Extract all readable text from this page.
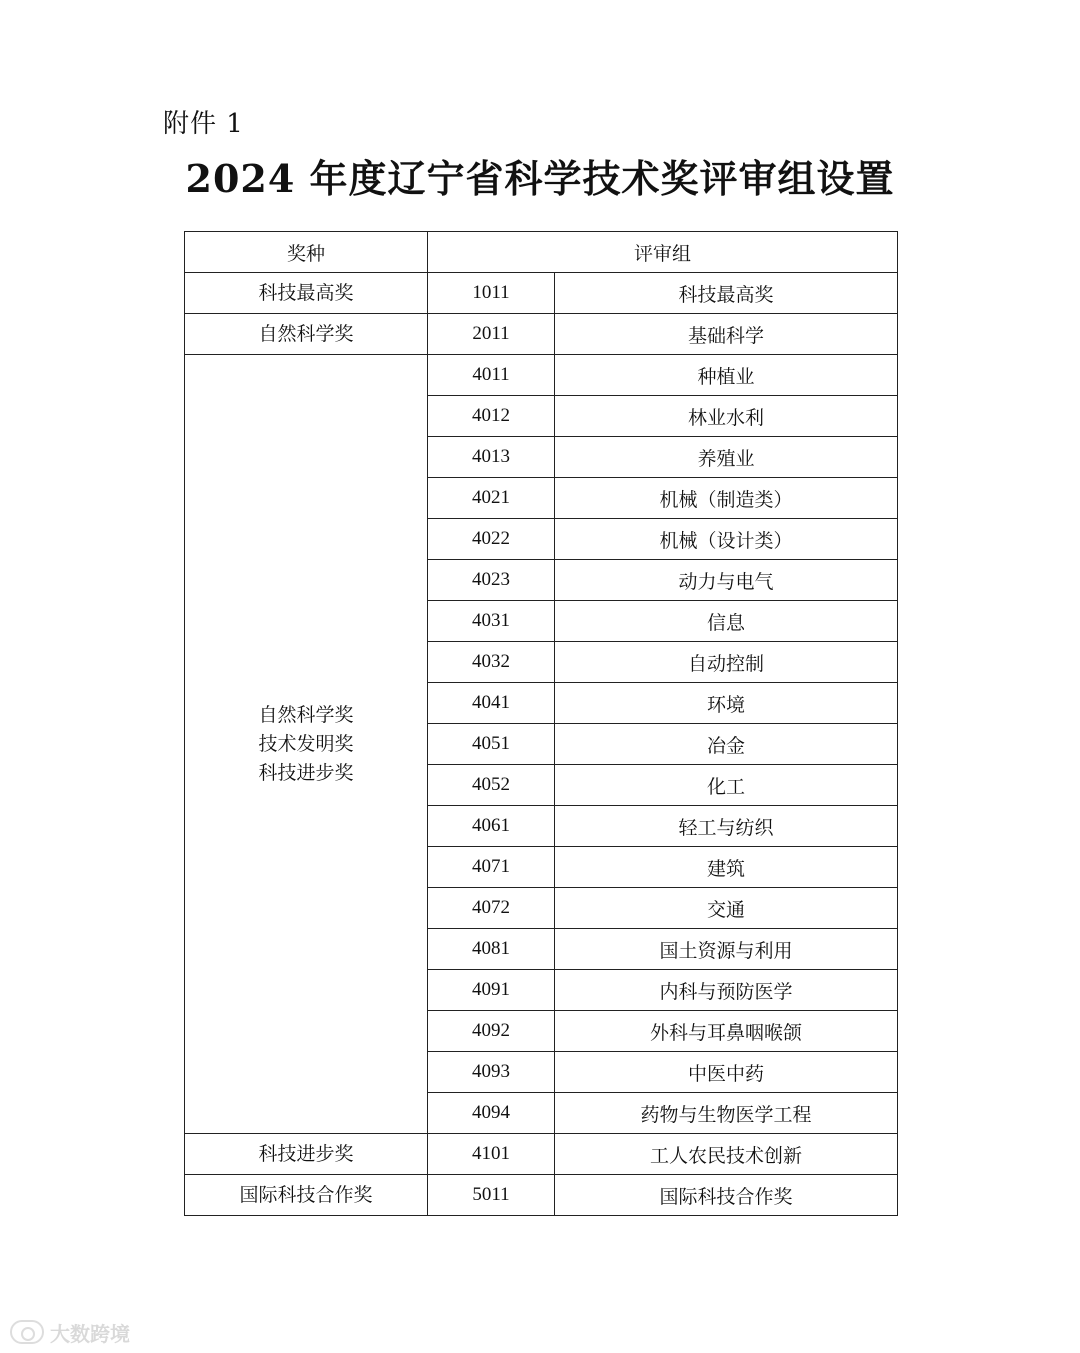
附件 1
2024 年度辽宁省科学技术奖评审组设置
奖种	评审组	

科技最高奖	1011	科技最高奖

自然科学奖	2011	基础科学

自然科学奖
技术发明奖
科技进步奖	4011	种植业
	4012	林业水利
	4013	养殖业
	4021	机械（制造类）
	4022	机械（设计类）
	4023	动力与电气
	4031	信息
	4032	自动控制
	4041	环境
	4051	冶金
	4052	化工
	4061	轻工与纺织
	4071	建筑
	4072	交通
	4081	国土资源与利用
	4091	内科与预防医学
	4092	外科与耳鼻咽喉颌
	4093	中医中药
	4094	药物与生物医学工程

科技进步奖	4101	工人农民技术创新

国际科技合作奖	5011	国际科技合作奖
大数跨境
